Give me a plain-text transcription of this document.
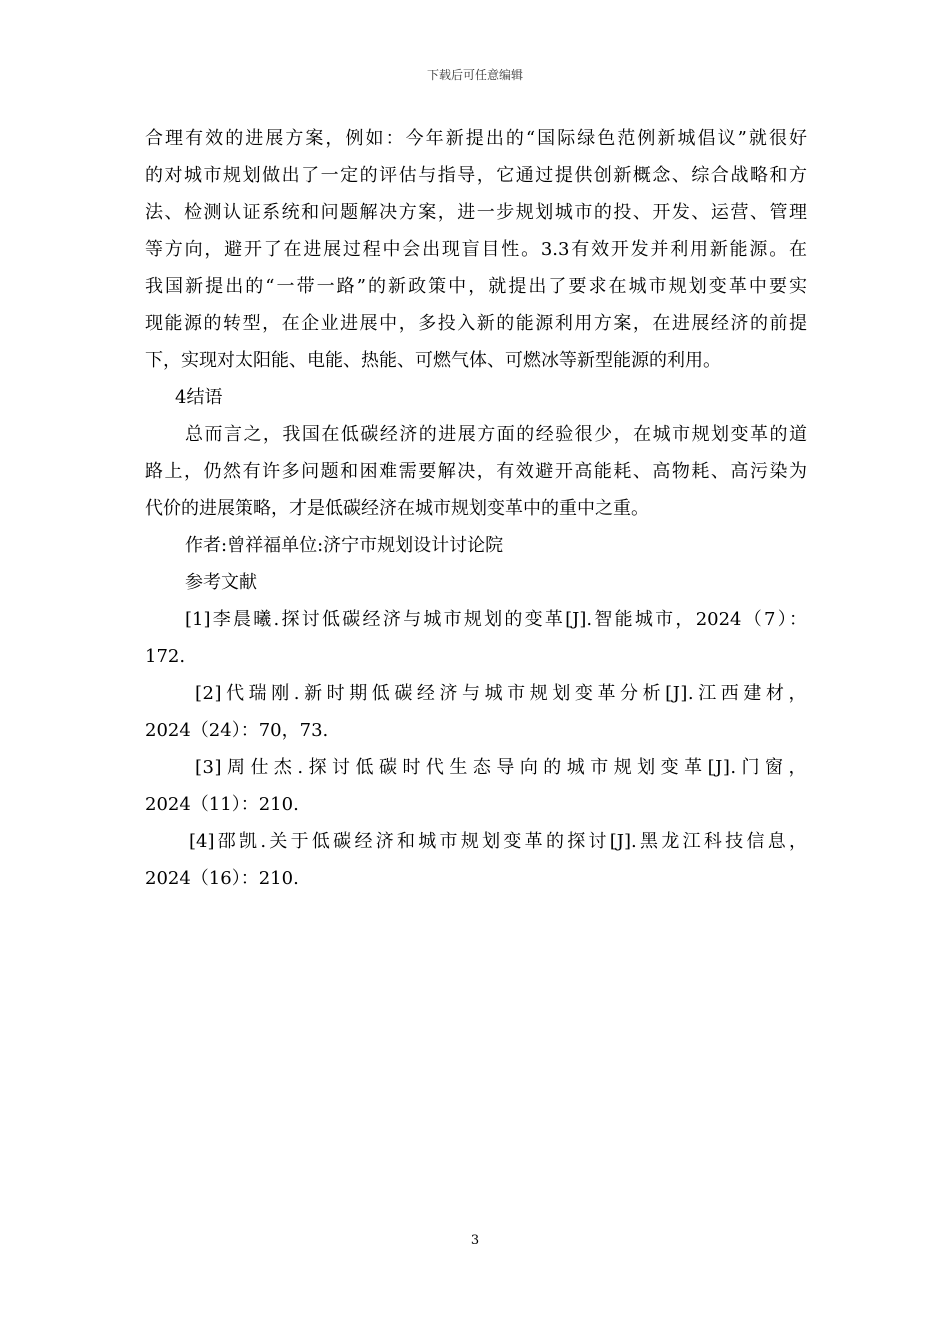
下载后可任意编辑
合理有效的进展方案，例如：今年新提出的“国际绿色范例新城倡议”就很好
的对城市规划做出了一定的评估与指导，它通过提供创新概念、综合战略和方
法、检测认证系统和问题解决方案，进一步规划城市的投、开发、运营、管理
等方向，避开了在进展过程中会出现盲目性。3.3有效开发并利用新能源。在
我国新提出的“一带一路”的新政策中，就提出了要求在城市规划变革中要实
现能源的转型，在企业进展中，多投入新的能源利用方案，在进展经济的前提
下，实现对太阳能、电能、热能、可燃气体、可燃冰等新型能源的利用。
4结语
总而言之，我国在低碳经济的进展方面的经验很少，在城市规划变革的道
路上，仍然有许多问题和困难需要解决，有效避开高能耗、高物耗、高污染为
代价的进展策略，才是低碳经济在城市规划变革中的重中之重。
作者:曾祥福单位:济宁市规划设计讨论院
参考文献
[1]李晨曦.探讨低碳经济与城市规划的变革[J].智能城市，2024（7）：
172.
[2]代瑞刚.新时期低碳经济与城市规划变革分析[J].江西建材，
2024（24）：70，73.
[3]周仕杰.探讨低碳时代生态导向的城市规划变革[J].门窗，
2024（11）：210.
[4]邵凯.关于低碳经济和城市规划变革的探讨[J].黑龙江科技信息，
2024（16）：210.
3
